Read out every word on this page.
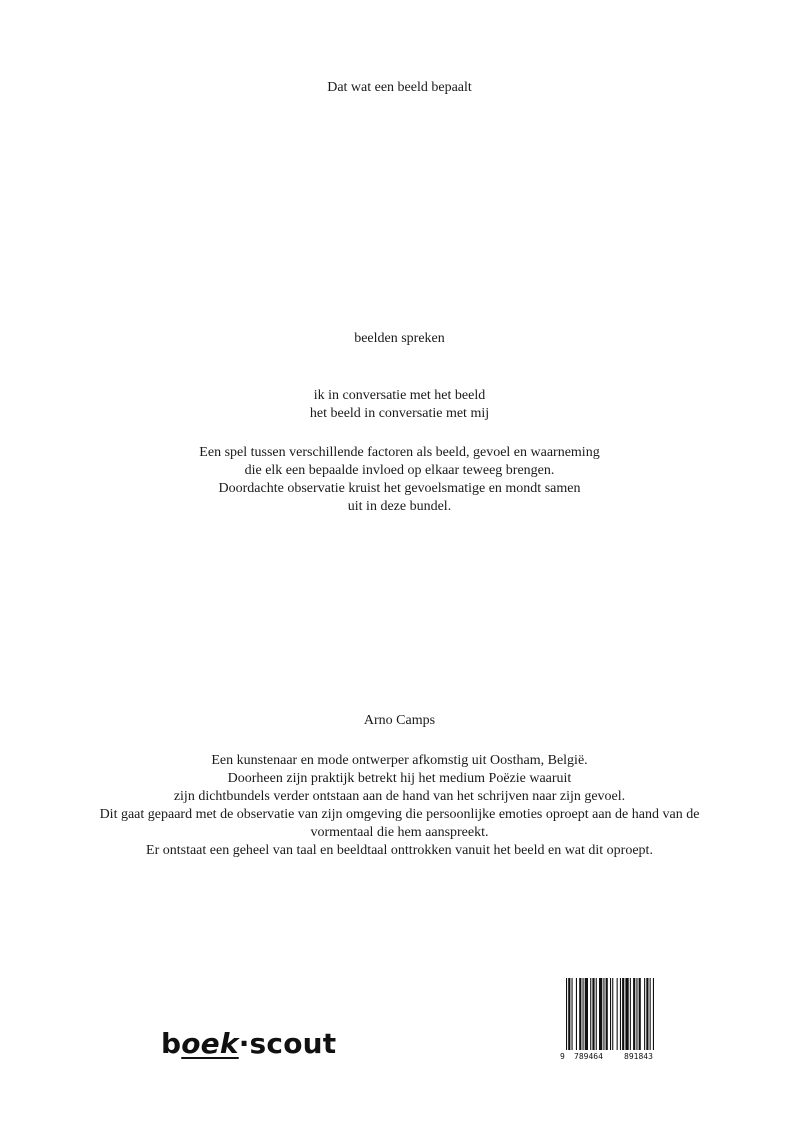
Dat wat een beeld bepaalt
beelden spreken

ik in conversatie met het beeld

het beeld in conversatie met mij

Een spel tussen verschillende factoren als beeld, gevoel en waarneming

die elk een bepaalde invloed op elkaar teweeg brengen.

Doordachte observatie kruist het gevoelsmatige en mondt samen

uit in deze bundel.

Arno Camps

Een kunstenaar en mode ontwerper afkomstig uit Oostham, België.

Doorheen zijn praktijk betrekt hij het medium Poëzie waaruit

zijn dichtbundels verder ontstaan aan de hand van het schrijven naar zijn gevoel.

Dit gaat gepaard met de observatie van zijn omgeving die persoonlijke emoties oproept aan de hand van de

vormentaal die hem aanspreekt.

Er ontstaat een geheel van taal en beeldtaal onttrokken vanuit het beeld en wat dit oproept.

boek·scout	9 789464	891843
